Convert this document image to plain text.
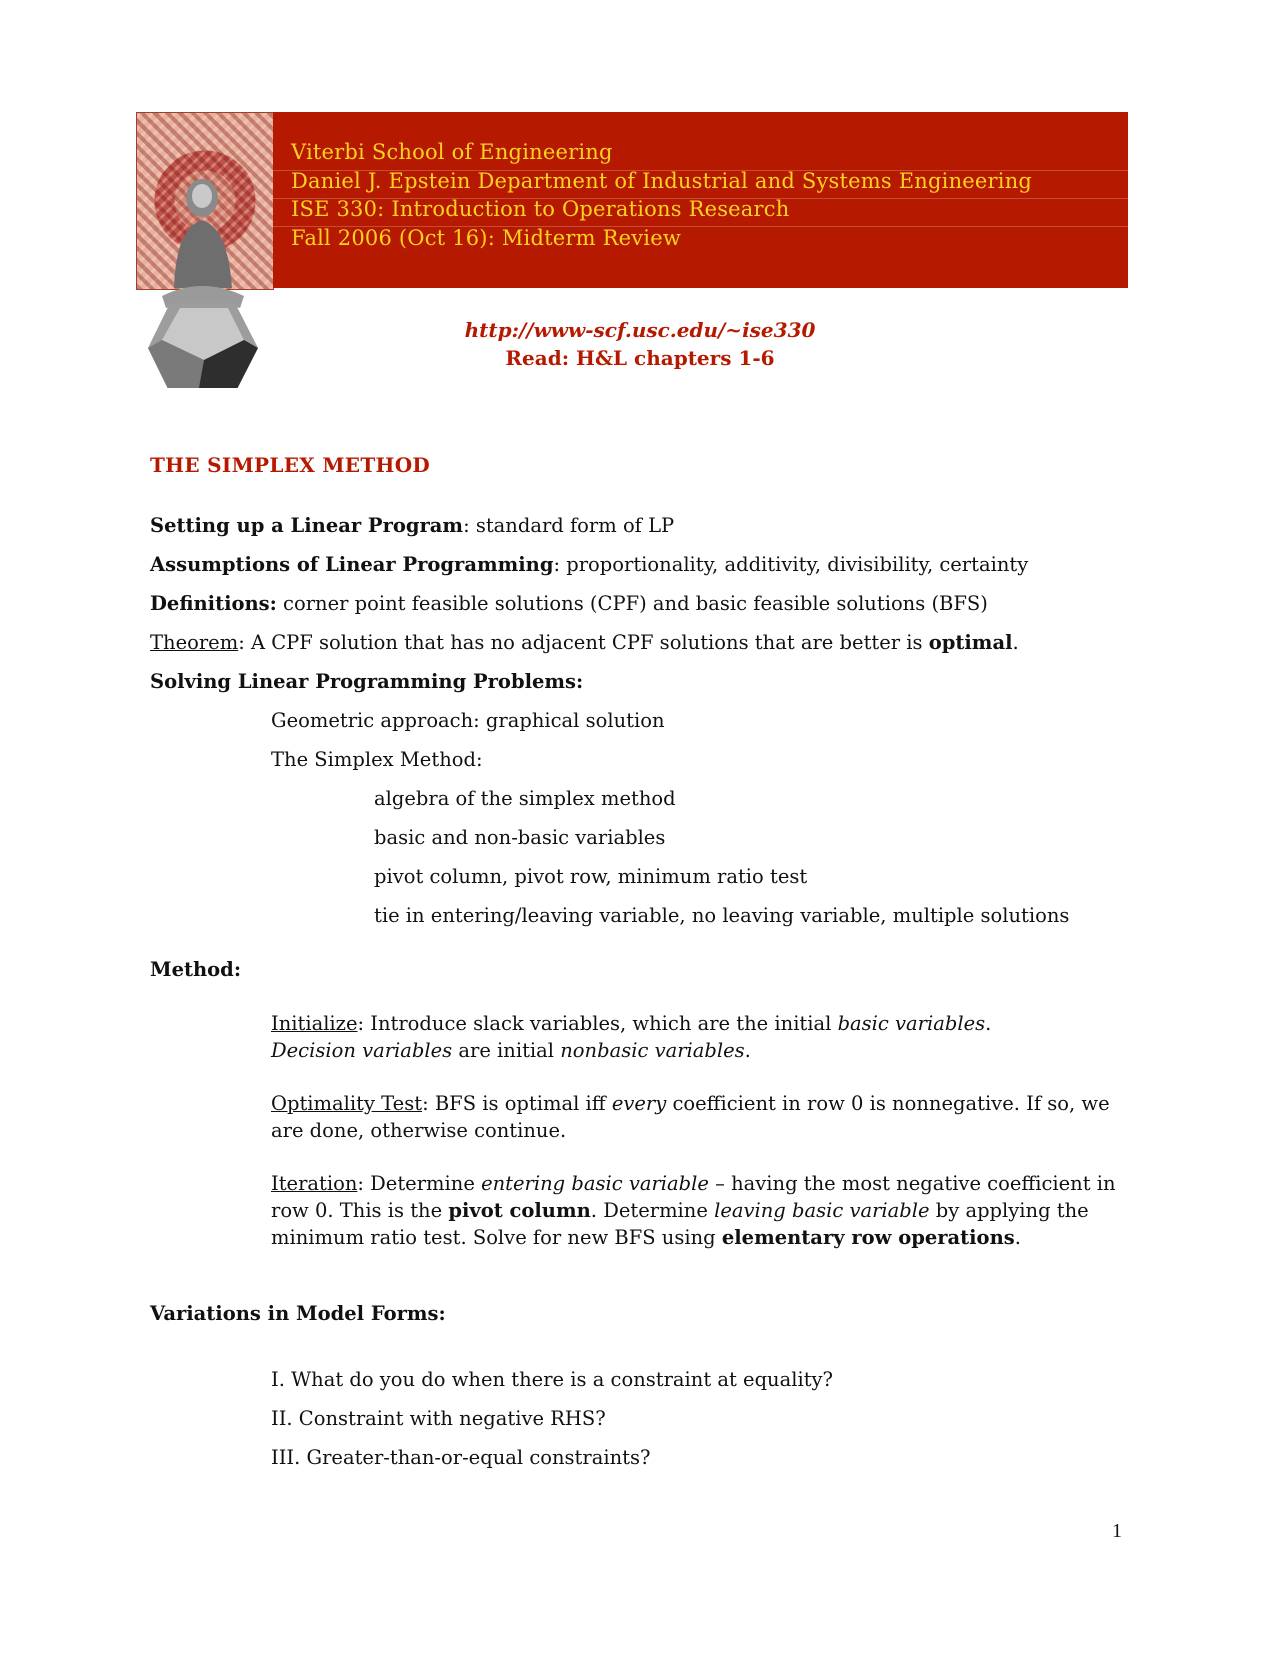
Viterbi School of Engineering
Daniel J. Epstein Department of Industrial and Systems Engineering
ISE 330: Introduction to Operations Research
Fall 2006 (Oct 16): Midterm Review
http://www-scf.usc.edu/~ise330
Read: H&L chapters 1-6
THE SIMPLEX METHOD
Setting up a Linear Program: standard form of LP
Assumptions of Linear Programming: proportionality, additivity, divisibility, certainty
Definitions: corner point feasible solutions (CPF) and basic feasible solutions (BFS)
Theorem: A CPF solution that has no adjacent CPF solutions that are better is optimal.
Solving Linear Programming Problems:
Geometric approach: graphical solution
The Simplex Method:
algebra of the simplex method
basic and non-basic variables
pivot column, pivot row, minimum ratio test
tie in entering/leaving variable, no leaving variable, multiple solutions
Method:
Initialize: Introduce slack variables, which are the initial basic variables.
Decision variables are initial nonbasic variables.
Optimality Test: BFS is optimal iff every coefficient in row 0 is nonnegative. If so, we are done, otherwise continue.
Iteration: Determine entering basic variable – having the most negative coefficient in row 0. This is the pivot column. Determine leaving basic variable by applying the minimum ratio test. Solve for new BFS using elementary row operations.
Variations in Model Forms:
I. What do you do when there is a constraint at equality?
II. Constraint with negative RHS?
III. Greater-than-or-equal constraints?
1
